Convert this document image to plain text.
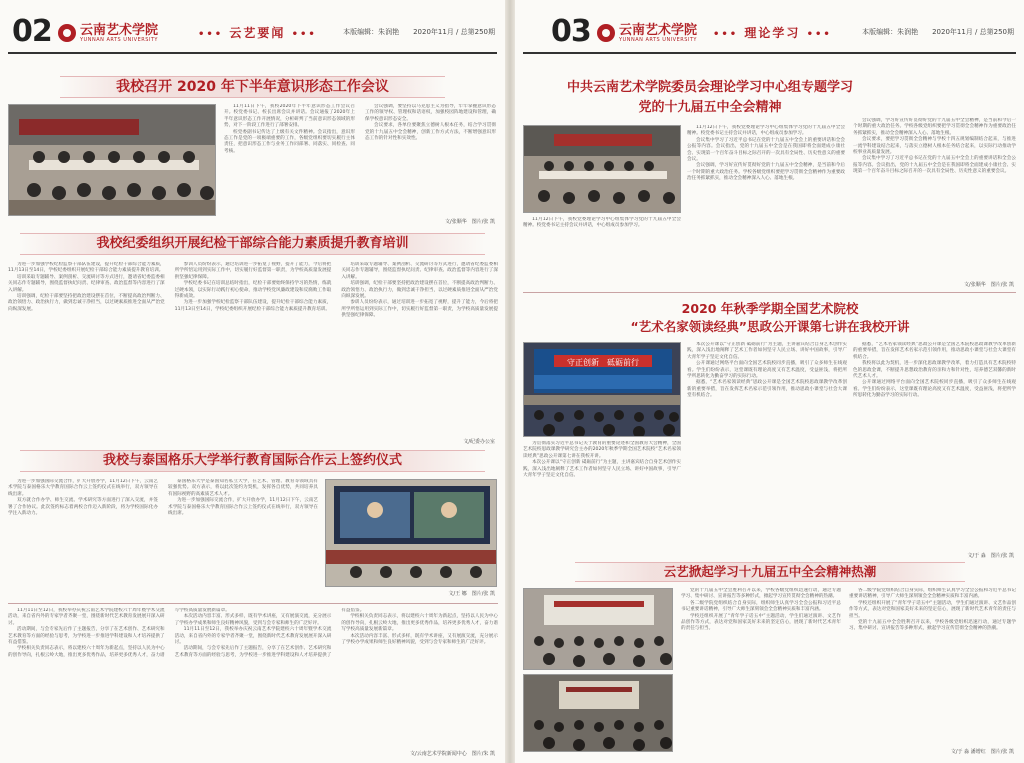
02 云南艺术学院
YUNNAN ARTS UNIVERSITY	••• 云艺要闻 •••	本版编辑：朱润艳　　2020年11月 / 总第250期
我校召开 2020 年下半年意识形态工作会议
11月11日下午，我校2020年下半年意识形态工作会议召开。校党委书记、校长出席会议并讲话。会议通报了2020年上半年意识形态工作开展情况，分析研判了当前意识形态领域的形势，对下一阶段工作进行了部署安排。
校党委副书记传达了上级有关文件精神。会议指出，意识形态工作是党的一项极端重要的工作，各级党组织要切实履行主体责任，把意识形态工作与业务工作同部署、同落实、同检查、同考核。
会议强调，要坚持以马克思主义为指导，牢牢掌握意识形态工作的领导权、管理权和话语权，加强校园阵地建设和管理，确保学校意识形态安全。
会议要求，各单位要聚焦立德树人根本任务，结合学习贯彻党的十九届五中全会精神，创新工作方式方法，不断增强意识形态工作的针对性和实效性。
文/张顺华　图片/张 凯
我校纪委组织开展纪检干部综合能力素质提升教育培训
为进一步加强学校纪检监察干部队伍建设，提升纪检干部综合能力素质，11月13日至14日，学校纪委组织开展纪检干部综合能力素质提升教育培训。
培训采取专题辅导、案例剖析、交流研讨等方式进行，邀请省纪委监委相关同志作专题辅导，围绕监督执纪问责、纪律审查、政治监督等内容进行了深入讲解。
培训强调，纪检干部要坚持把政治建设摆在首位，不断提高政治判断力、政治领悟力、政治执行力，做到忠诚干净担当，以过硬素质推进全面从严治党向纵深发展。
参训人员纷纷表示，通过培训进一步拓宽了视野，提升了能力，今后将把所学所悟运用到实际工作中，切实履行好监督第一职责，为学校高质量发展提供坚强纪律保障。
学校纪委书记在培训总结时指出，纪检干部要始终保持学习的热情，练就过硬本领，以实际行动践行初心使命，推动学校党风廉政建设和反腐败工作取得新成效。
为进一步加强学校纪检监察干部队伍建设，提升纪检干部综合能力素质，11月13日至14日，学校纪委组织开展纪检干部综合能力素质提升教育培训。
培训采取专题辅导、案例剖析、交流研讨等方式进行，邀请省纪委监委相关同志作专题辅导，围绕监督执纪问责、纪律审查、政治监督等内容进行了深入讲解。
培训强调，纪检干部要坚持把政治建设摆在首位，不断提高政治判断力、政治领悟力、政治执行力，做到忠诚干净担当，以过硬素质推进全面从严治党向纵深发展。
参训人员纷纷表示，通过培训进一步拓宽了视野，提升了能力，今后将把所学所悟运用到实际工作中，切实履行好监督第一职责，为学校高质量发展提供坚强纪律保障。
文/纪委办公室
我校与泰国格乐大学举行教育国际合作云上签约仪式
为进一步加强国际交流合作，扩大开放办学，11月12日下午，云南艺术学院与泰国格乐大学教育国际合作云上签约仪式在线举行，双方领导在线出席。
双方就合作办学、师生交流、学术研究等方面进行了深入交流，并签署了合作协议。此次签约标志着两校合作迈入新阶段，将为学校国际化办学注入新动力。
泰国格乐大学是泰国知名私立大学，在艺术、管理、教育等领域具有较强优势。双方表示，将以此次签约为契机，发挥各自优势，共同培养具有国际视野的高素质艺术人才。
为进一步加强国际交流合作，扩大开放办学，11月12日下午，云南艺术学院与泰国格乐大学教育国际合作云上签约仪式在线举行，双方领导在线出席。
文/王 娜　图片/张 凯
11月11日至12日，我校举办庆祝云南艺术学院建校六十周年暨学术交流活动，来自省内外的专家学者齐聚一堂，围绕新时代艺术教育发展展开深入研讨。
活动期间，与会专家先后作了主题报告，分享了在艺术创作、艺术研究和艺术教育等方面的经验与思考，为学校进一步推进学科建设和人才培养提供了有益借鉴。
学校相关负责同志表示，将以建校六十周年为新起点，坚持以人民为中心的创作导向，扎根云岭大地，推出更多优秀作品，培养更多优秀人才，奋力谱写学校高质量发展新篇章。
本次活动内容丰富、形式多样，既有学术讲座，又有展演交流，充分展示了学校办学成果和师生良好精神风貌，受到与会专家和师生的广泛好评。
11月11日至12日，我校举办庆祝云南艺术学院建校六十周年暨学术交流活动，来自省内外的专家学者齐聚一堂，围绕新时代艺术教育发展展开深入研讨。
活动期间，与会专家先后作了主题报告，分享了在艺术创作、艺术研究和艺术教育等方面的经验与思考，为学校进一步推进学科建设和人才培养提供了有益借鉴。
学校相关负责同志表示，将以建校六十周年为新起点，坚持以人民为中心的创作导向，扎根云岭大地，推出更多优秀作品，培养更多优秀人才，奋力谱写学校高质量发展新篇章。
本次活动内容丰富、形式多样，既有学术讲座，又有展演交流，充分展示了学校办学成果和师生良好精神风貌，受到与会专家和师生的广泛好评。
文/云南艺术学院新闻中心　图片/朱 凯
03 云南艺术学院
YUNNAN ARTS UNIVERSITY ••• 理论学习 •••	本版编辑：朱润艳　　2020年11月 / 总第250期
中共云南艺术学院委员会理论学习中心组专题学习
党的十九届五中全会精神
11月12日下午，我校党委理论学习中心组集体学习党的十九届五中全会精神。校党委书记主持会议并讲话，中心组成员参加学习。
会议集中学习了习近平总书记在党的十九届五中全会上的重要讲话和全会公报等内容。会议指出，党的十九届五中全会是在我国即将全面建成小康社会、实现第一个百年奋斗目标之际召开的一次具有全局性、历史性意义的重要会议。
会议强调，学习好宣传好贯彻好党的十九届五中全会精神，是当前和今后一个时期的重大政治任务。学校各级党组织要把学习贯彻全会精神作为重要政治任务抓紧抓实，推动全会精神深入人心、落地生根。
会议强调，学习好宣传好贯彻好党的十九届五中全会精神，是当前和今后一个时期的重大政治任务。学校各级党组织要把学习贯彻全会精神作为重要政治任务抓紧抓实，推动全会精神深入人心、落地生根。
会议要求，要把学习贯彻全会精神与学校十四五规划编制结合起来，与推进一流学科建设结合起来，与落实立德树人根本任务结合起来，以实际行动推动学校事业高质量发展。
会议集中学习了习近平总书记在党的十九届五中全会上的重要讲话和全会公报等内容。会议指出，党的十九届五中全会是在我国即将全面建成小康社会、实现第一个百年奋斗目标之际召开的一次具有全局性、历史性意义的重要会议。
11月12日下午，我校党委理论学习中心组集体学习党的十九届五中全会精神。校党委书记主持会议并讲话，中心组成员参加学习。
文/张顺华　图片/张 凯
2020 年秋季学期全国艺术院校
“艺术名家领读经典”思政公开课第七讲在我校开讲
守正创新　砥砺前行
为贯彻落实习近平总书记关于教育的重要论述和全国教育大会精神，全国艺术院校思政课教学研究会主办的2020年秋季学期全国艺术院校“艺术名家领读经典”思政公开课第七讲在我校开讲。
本次公开课以“守正创新 砥砺前行”为主题，主讲嘉宾结合自身艺术创作实践，深入浅出地阐释了艺术工作者如何坚守人民立场、讲好中国故事，引导广大青年学子坚定文化自信。
本次公开课以“守正创新 砥砺前行”为主题，主讲嘉宾结合自身艺术创作实践，深入浅出地阐释了艺术工作者如何坚守人民立场、讲好中国故事，引导广大青年学子坚定文化自信。
公开课通过网络平台面向全国艺术院校同步直播，吸引了众多师生在线观看。学生们纷纷表示，这堂课既有理论高度又有艺术温度，受益匪浅，将把所学所思转化为勤奋学习的实际行动。
据悉，“艺术名家领读经典”思政公开课是全国艺术院校思政课教学改革创新的重要举措，旨在发挥艺术名家示范引领作用，推动思政小课堂与社会大课堂有机结合。
据悉，“艺术名家领读经典”思政公开课是全国艺术院校思政课教学改革创新的重要举措，旨在发挥艺术名家示范引领作用，推动思政小课堂与社会大课堂有机结合。
我校将以此为契机，进一步深化思政课教学改革，着力打造具有艺术院校特色的思政金课，不断提升思想政治教育的亲和力和针对性，培养德艺双馨的新时代艺术人才。
公开课通过网络平台面向全国艺术院校同步直播，吸引了众多师生在线观看。学生们纷纷表示，这堂课既有理论高度又有艺术温度，受益匪浅，将把所学所思转化为勤奋学习的实际行动。
文/于 淼　图片/张 凯
云艺掀起学习十九届五中全会精神热潮
党的十九届五中全会胜利召开以来，学校各级党组织迅速行动，通过专题学习、集中研讨、宣讲报告等多种形式，掀起学习宣传贯彻全会精神的热潮。
各二级学院党组织结合自身实际，组织师生认真学习全会公报和习近平总书记重要讲话精神，引导广大师生深刻领会全会精神实质和丰富内涵。
学校还组织开展了“青年学子话五中”主题活动，学生们通过演讲、文艺作品创作等方式，表达对党和国家美好未来的坚定信心，展现了新时代艺术青年的责任与担当。
各二级学院党组织结合自身实际，组织师生认真学习全会公报和习近平总书记重要讲话精神，引导广大师生深刻领会全会精神实质和丰富内涵。
学校还组织开展了“青年学子话五中”主题活动，学生们通过演讲、文艺作品创作等方式，表达对党和国家美好未来的坚定信心，展现了新时代艺术青年的责任与担当。
党的十九届五中全会胜利召开以来，学校各级党组织迅速行动，通过专题学习、集中研讨、宣讲报告等多种形式，掀起学习宣传贯彻全会精神的热潮。
文/于 淼 潘增红　图片/张 凯
